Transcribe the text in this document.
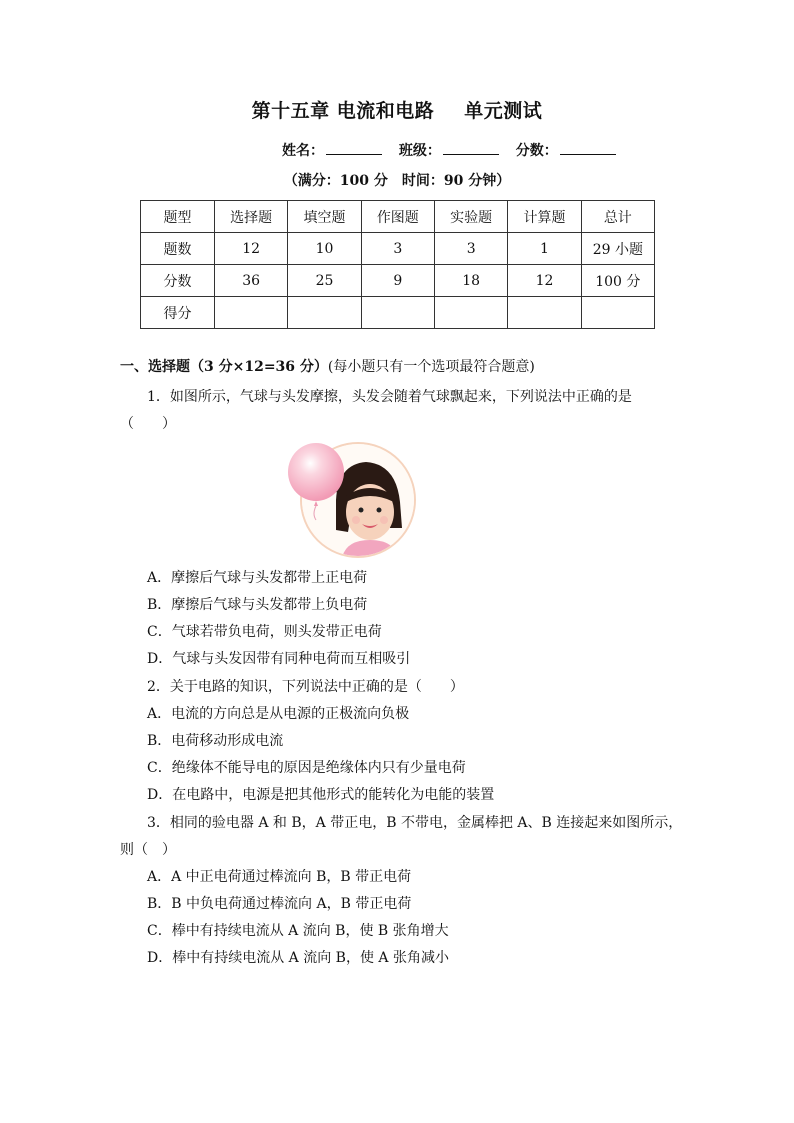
第十五章 电流和电路 单元测试
姓名：	班级：	分数：
（满分：100 分　时间：90 分钟）
题型	选择题	填空题	作图题	实验题	计算题	总计
题数	12	10	3	3	1	29 小题
分数	36	25	9	18	12	100 分
得分						
一、选择题（3 分×12=36 分）(每小题只有一个选项最符合题意)
1．如图所示，气球与头发摩擦，头发会随着气球飘起来，下列说法中正确的是
（　　）
A．摩擦后气球与头发都带上正电荷
B．摩擦后气球与头发都带上负电荷
C．气球若带负电荷，则头发带正电荷
D．气球与头发因带有同种电荷而互相吸引
2．关于电路的知识，下列说法中正确的是（　　）
A．电流的方向总是从电源的正极流向负极
B．电荷移动形成电流
C．绝缘体不能导电的原因是绝缘体内只有少量电荷
D．在电路中，电源是把其他形式的能转化为电能的装置
3．相同的验电器 A 和 B，A 带正电，B 不带电，金属棒把 A、B 连接起来如图所示，
则（　）
A．A 中正电荷通过棒流向 B，B 带正电荷
B．B 中负电荷通过棒流向 A，B 带正电荷
C．棒中有持续电流从 A 流向 B，使 B 张角增大
D．棒中有持续电流从 A 流向 B，使 A 张角减小
